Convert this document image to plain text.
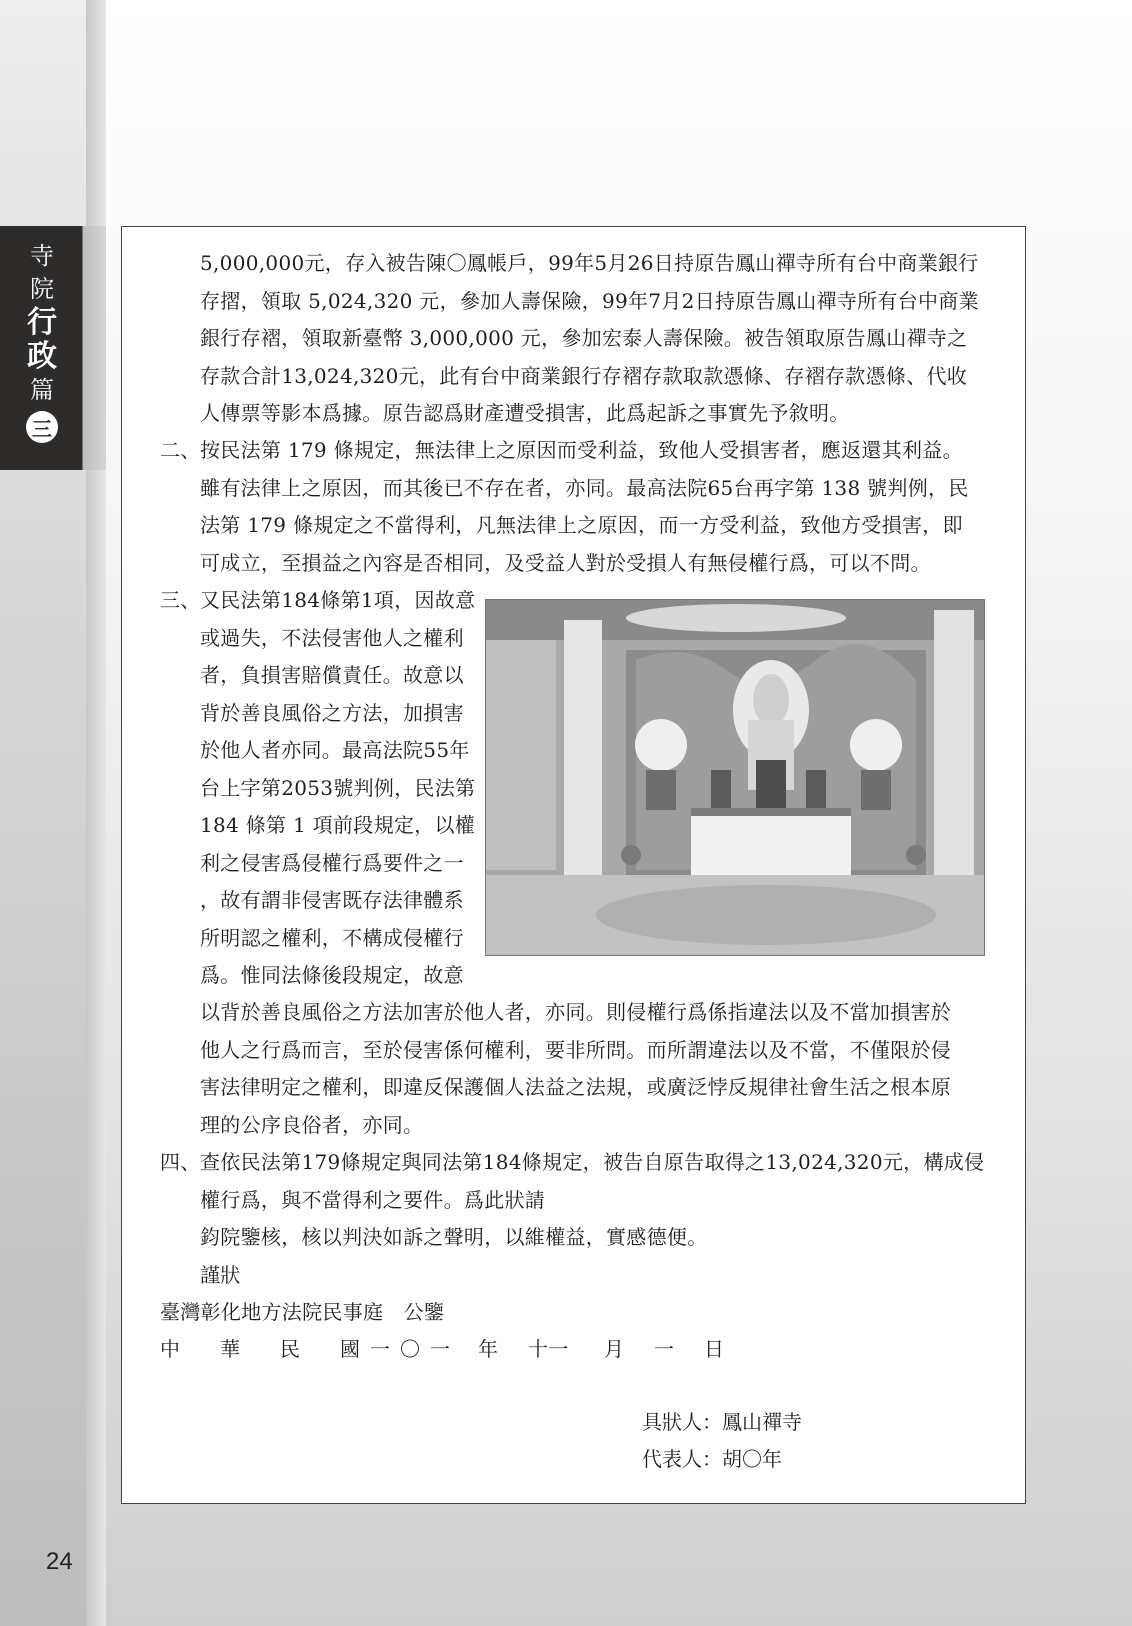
寺
院
行
政
篇
三
24
5,000,000元，存入被告陳〇鳳帳戶，99年5月26日持原告鳳山禪寺所有台中商業銀行
存摺，領取 5,024,320 元，參加人壽保險，99年7月2日持原告鳳山禪寺所有台中商業
銀行存褶，領取新臺幣 3,000,000 元，參加宏泰人壽保險。被告領取原告鳳山禪寺之
存款合計13,024,320元，此有台中商業銀行存褶存款取款憑條、存褶存款憑條、代收
人傳票等影本爲據。原告認爲財產遭受損害，此爲起訴之事實先予敘明。
二、 按民法第 179 條規定，無法律上之原因而受利益，致他人受損害者，應返還其利益。
雖有法律上之原因，而其後已不存在者，亦同。最高法院65台再字第 138 號判例，民
法第 179 條規定之不當得利，凡無法律上之原因，而一方受利益，致他方受損害，即
可成立，至損益之內容是否相同，及受益人對於受損人有無侵權行爲，可以不問。
三、 又民法第184條第1項，因故意
或過失，不法侵害他人之權利
者，負損害賠償責任。故意以
背於善良風俗之方法，加損害
於他人者亦同。最高法院55年
台上字第2053號判例，民法第
184 條第 1 項前段規定，以權
利之侵害爲侵權行爲要件之一
，故有謂非侵害既存法律體系
所明認之權利，不構成侵權行
爲。惟同法條後段規定，故意
以背於善良風俗之方法加害於他人者，亦同。則侵權行爲係指違法以及不當加損害於
他人之行爲而言，至於侵害係何權利，要非所問。而所謂違法以及不當，不僅限於侵
害法律明定之權利，即違反保護個人法益之法規，或廣泛悖反規律社會生活之根本原
理的公序良俗者，亦同。
四、 查依民法第179條規定與同法第184條規定，被告自原告取得之13,024,320元，構成侵
權行爲，與不當得利之要件。爲此狀請
鈞院鑒核，核以判決如訴之聲明，以維權益，實感德便。
謹狀
臺灣彰化地方法院民事庭　公鑒
中 華 民 國 一 〇 一 年 十一 月 一 日
具狀人：鳳山禪寺
代表人：胡〇年
